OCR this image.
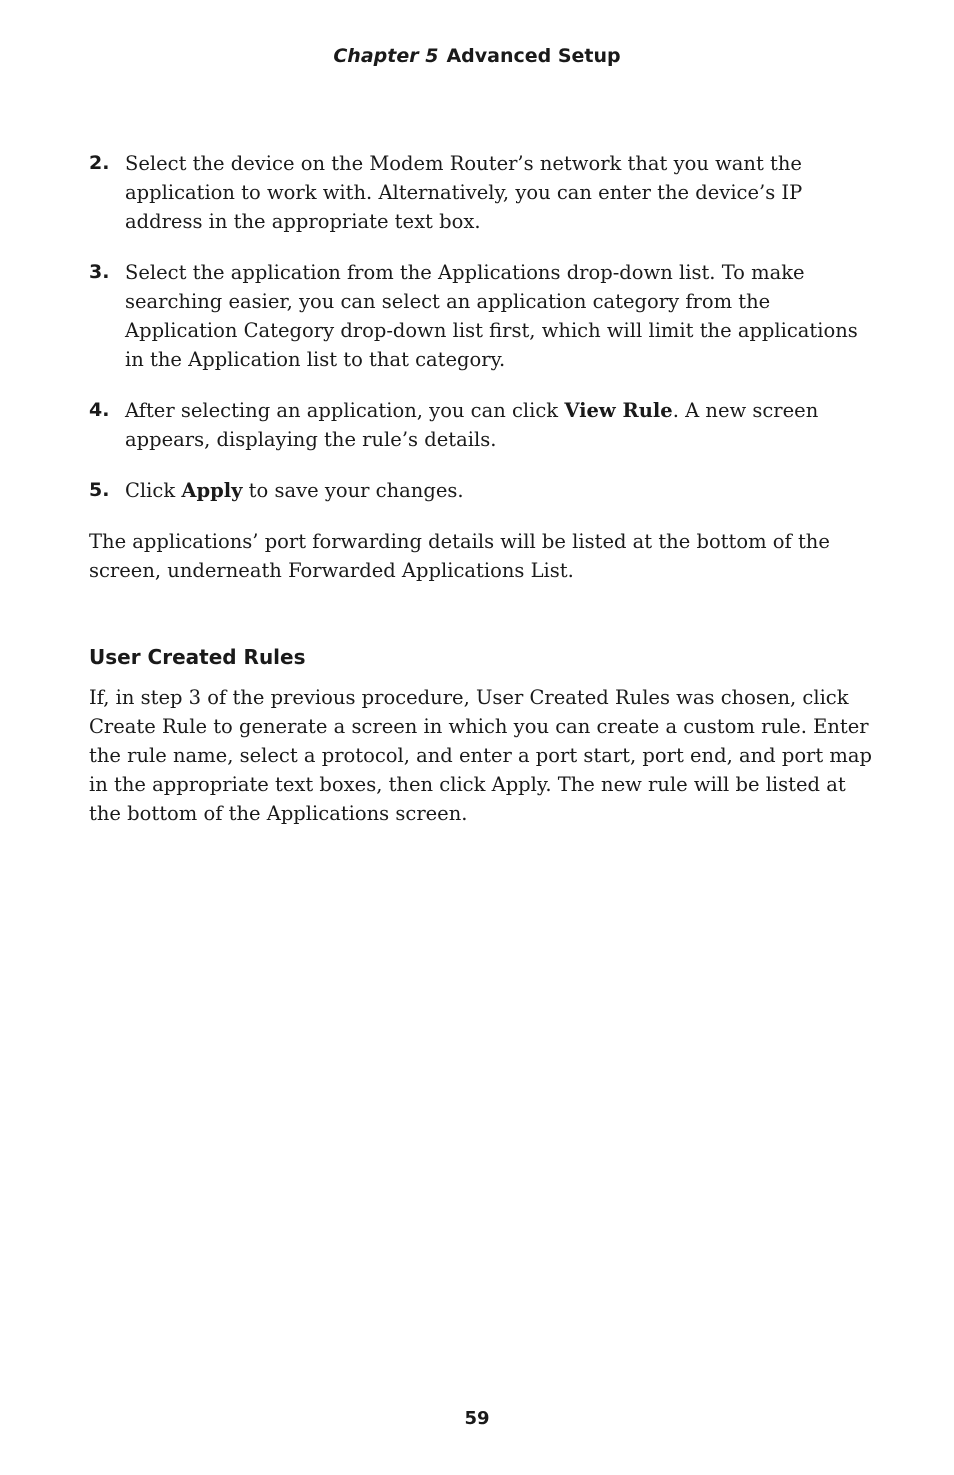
Chapter 5 Advanced Setup
2. Select the device on the Modem Router’s network that you want the application to work with. Alternatively, you can enter the device’s IP address in the appropriate text box.
3. Select the application from the Applications drop-down list. To make searching easier, you can select an application category from the Application Category drop-down list first, which will limit the applications in the Application list to that category.
4. After selecting an application, you can click View Rule. A new screen appears, displaying the rule’s details.
5. Click Apply to save your changes.

The applications’ port forwarding details will be listed at the bottom of the screen, underneath Forwarded Applications List.

User Created Rules

If, in step 3 of the previous procedure, User Created Rules was chosen, click Create Rule to generate a screen in which you can create a custom rule. Enter the rule name, select a protocol, and enter a port start, port end, and port map in the appropriate text boxes, then click Apply. The new rule will be listed at the bottom of the Applications screen.

59
